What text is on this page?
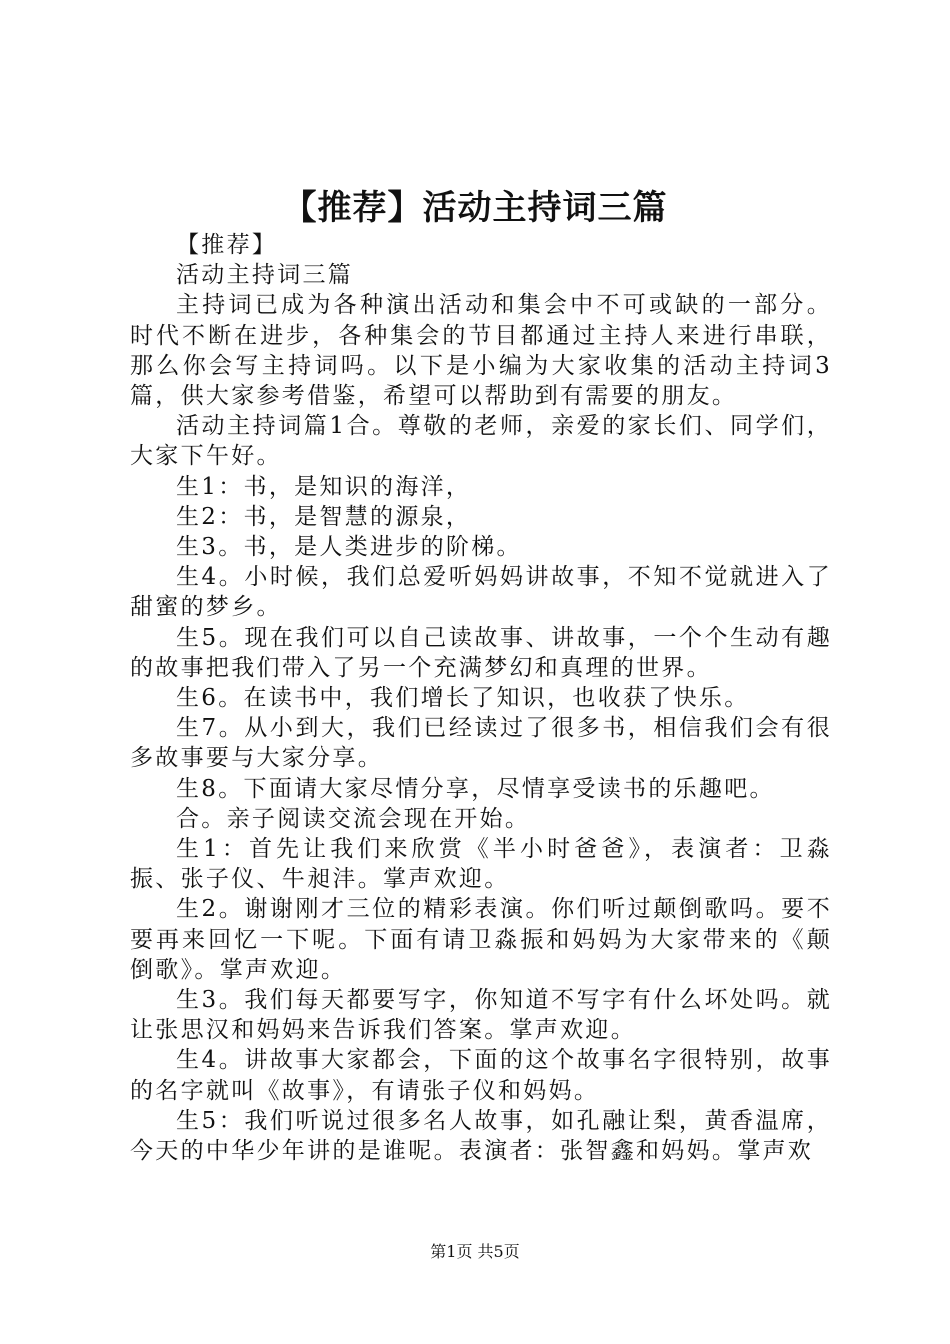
【推荐】活动主持词三篇

【推荐】

活动主持词三篇

主持词已成为各种演出活动和集会中不可或缺的一部分。时代不断在进步，各种集会的节目都通过主持人来进行串联，那么你会写主持词吗。以下是小编为大家收集的活动主持词3篇，供大家参考借鉴，希望可以帮助到有需要的朋友。

活动主持词篇1合。尊敬的老师，亲爱的家长们、同学们，大家下午好。

生1：书，是知识的海洋，

生2：书，是智慧的源泉，

生3。书，是人类进步的阶梯。

生4。小时候，我们总爱听妈妈讲故事，不知不觉就进入了甜蜜的梦乡。

生5。现在我们可以自己读故事、讲故事，一个个生动有趣的故事把我们带入了另一个充满梦幻和真理的世界。

生6。在读书中，我们增长了知识，也收获了快乐。

生7。从小到大，我们已经读过了很多书，相信我们会有很多故事要与大家分享。

生8。下面请大家尽情分享，尽情享受读书的乐趣吧。

合。亲子阅读交流会现在开始。

生1：首先让我们来欣赏《半小时爸爸》，表演者：卫淼振、张子仪、牛昶沣。掌声欢迎。

生2。谢谢刚才三位的精彩表演。你们听过颠倒歌吗。要不要再来回忆一下呢。下面有请卫淼振和妈妈为大家带来的《颠倒歌》。掌声欢迎。

生3。我们每天都要写字，你知道不写字有什么坏处吗。就让张思汉和妈妈来告诉我们答案。掌声欢迎。

生4。讲故事大家都会，下面的这个故事名字很特别，故事的名字就叫《故事》，有请张子仪和妈妈。

生5：我们听说过很多名人故事，如孔融让梨，黄香温席，今天的中华少年讲的是谁呢。表演者：张智鑫和妈妈。掌声欢

第1页 共5页
